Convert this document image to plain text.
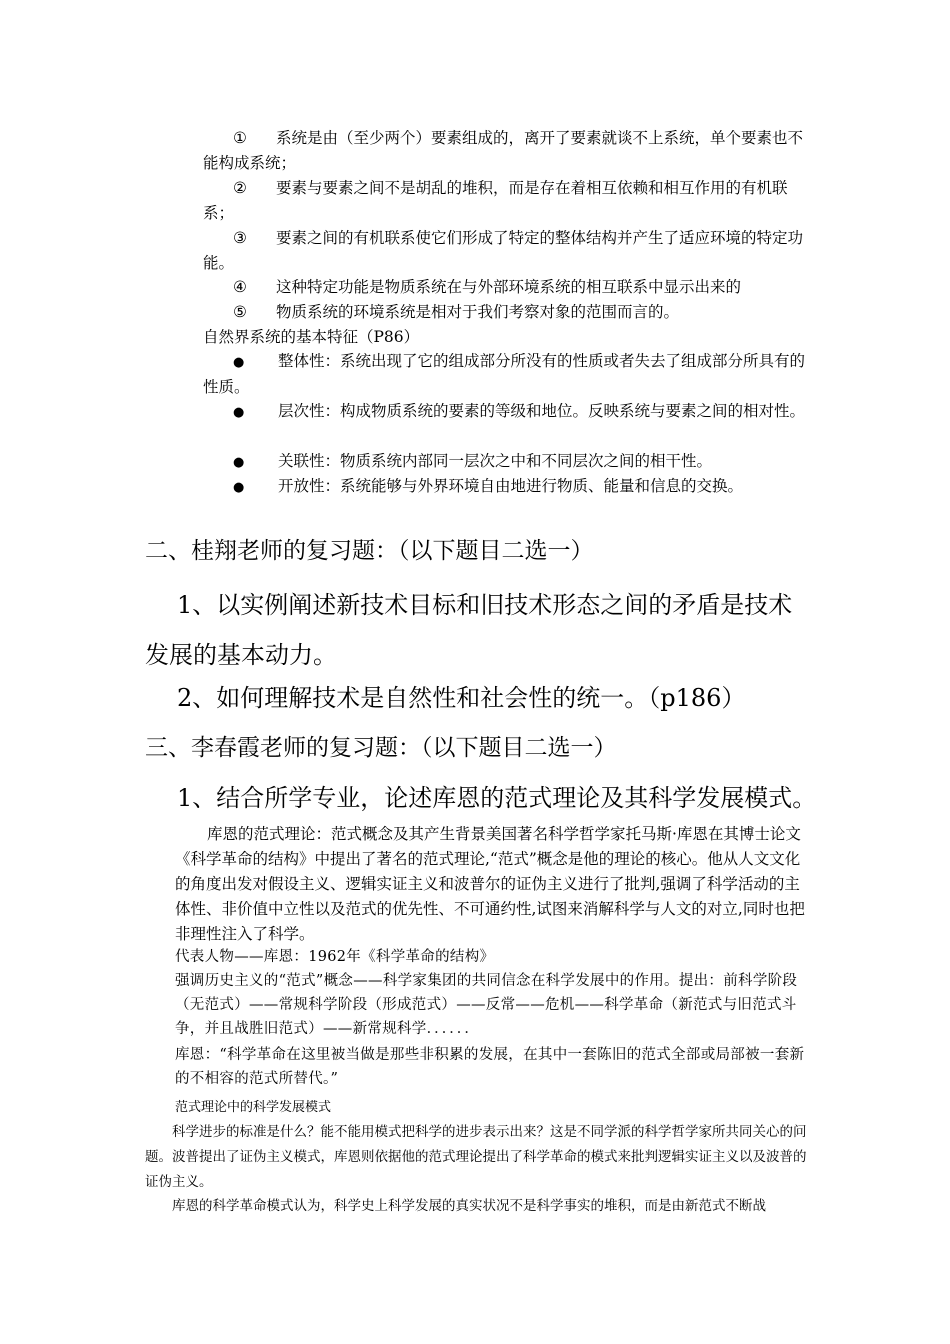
① 系统是由（至少两个）要素组成的，离开了要素就谈不上系统，单个要素也不能构成系统；
② 要素与要素之间不是胡乱的堆积，而是存在着相互依赖和相互作用的有机联系；
③ 要素之间的有机联系使它们形成了特定的整体结构并产生了适应环境的特定功能。
④ 这种特定功能是物质系统在与外部环境系统的相互联系中显示出来的
⑤ 物质系统的环境系统是相对于我们考察对象的范围而言的。
自然界系统的基本特征（P86）
● 整体性：系统出现了它的组成部分所没有的性质或者失去了组成部分所具有的性质。
● 层次性：构成物质系统的要素的等级和地位。反映系统与要素之间的相对性。
● 关联性：物质系统内部同一层次之中和不同层次之间的相干性。
● 开放性：系统能够与外界环境自由地进行物质、能量和信息的交换。
二、桂翔老师的复习题：（以下题目二选一）
1、以实例阐述新技术目标和旧技术形态之间的矛盾是技术发展的基本动力。
2、如何理解技术是自然性和社会性的统一。（p186）
三、李春霞老师的复习题：（以下题目二选一）
1、结合所学专业，论述库恩的范式理论及其科学发展模式。
库恩的范式理论：范式概念及其产生背景美国著名科学哲学家托马斯·库恩在其博士论文《科学革命的结构》中提出了著名的范式理论,“范式”概念是他的理论的核心。他从人文文化的角度出发对假设主义、逻辑实证主义和波普尔的证伪主义进行了批判,强调了科学活动的主体性、非价值中立性以及范式的优先性、不可通约性,试图来消解科学与人文的对立,同时也把非理性注入了科学。
代表人物——库恩：1962年《科学革命的结构》
强调历史主义的“范式”概念——科学家集团的共同信念在科学发展中的作用。提出：前科学阶段（无范式）——常规科学阶段（形成范式）——反常——危机——科学革命（新范式与旧范式斗争，并且战胜旧范式）——新常规科学．．．．．．
库恩：“科学革命在这里被当做是那些非积累的发展，在其中一套陈旧的范式全部或局部被一套新的不相容的范式所替代。”
范式理论中的科学发展模式
科学进步的标准是什么？能不能用模式把科学的进步表示出来？这是不同学派的科学哲学家所共同关心的问题。波普提出了证伪主义模式，库恩则依据他的范式理论提出了科学革命的模式来批判逻辑实证主义以及波普的证伪主义。
库恩的科学革命模式认为，科学史上科学发展的真实状况不是科学事实的堆积，而是由新范式不断战
